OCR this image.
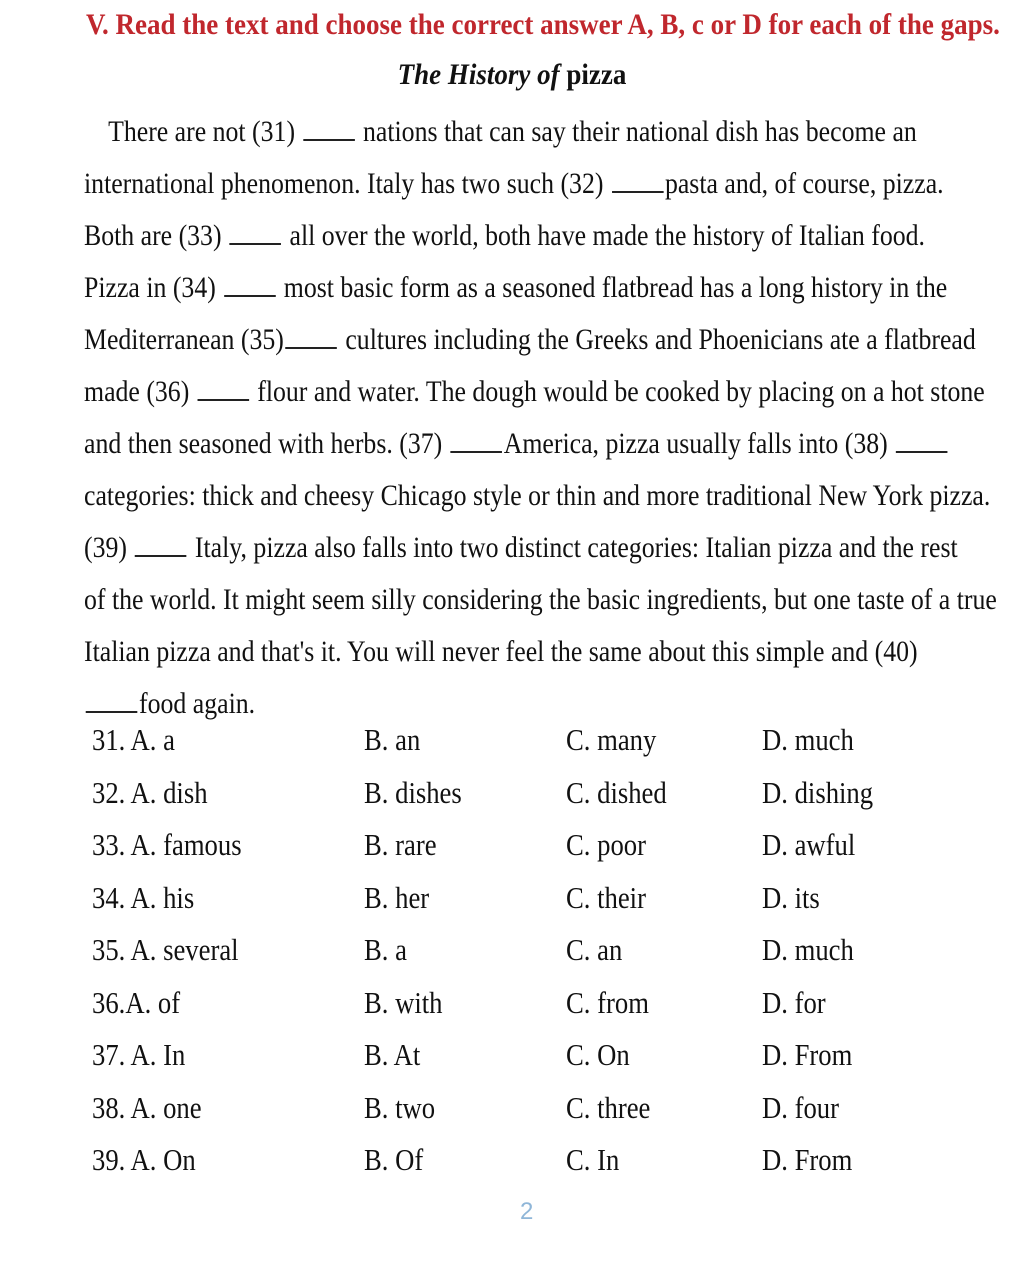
V. Read the text and choose the correct answer A, B, c or D for each of the gaps.
The History of pizza
There are not (31)  nations that can say their national dish has become an
international phenomenon. Italy has two such (32) pasta and, of course, pizza.
Both are (33)  all over the world, both have made the history of Italian food.
Pizza in (34)  most basic form as a seasoned flatbread has a long history in the
Mediterranean (35) cultures including the Greeks and Phoenicians ate a flatbread
made (36)  flour and water. The dough would be cooked by placing on a hot stone
and then seasoned with herbs. (37) America, pizza usually falls into (38)
categories: thick and cheesy Chicago style or thin and more traditional New York pizza.
(39)  Italy, pizza also falls into two distinct categories: Italian pizza and the rest
of the world. It might seem silly considering the basic ingredients, but one taste of a true
Italian pizza and that's it. You will never feel the same about this simple and (40)
food again.
31. A. a	B. an	C. many	D. much
32. A. dish	B. dishes	C. dished	D. dishing
33. A. famous	B. rare	C. poor	D. awful
34. A. his	B. her	C. their	D. its
35. A. several	B. a	C. an	D. much
36.A. of	B. with	C. from	D. for
37. A. In	B. At	C. On	D. From
38. A. one	B. two	C. three	D. four
39. A. On	B. Of	C. In	D. From
2
